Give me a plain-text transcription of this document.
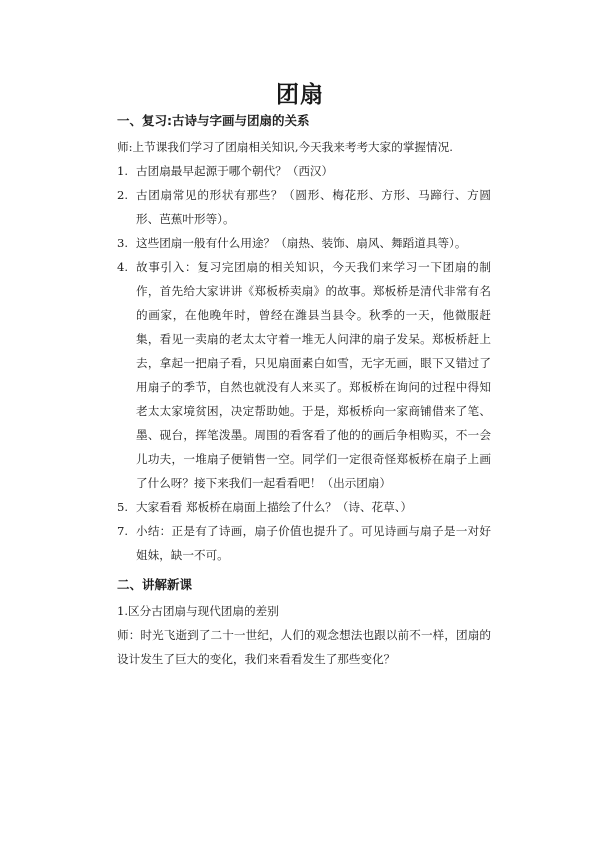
团扇
一、复习:古诗与字画与团扇的关系
师:上节课我们学习了团扇相关知识,今天我来考考大家的掌握情况.
1. 古团扇最早起源于哪个朝代？（西汉）
2. 古团扇常见的形状有那些？（圆形、梅花形、方形、马蹄行、方圆形、芭蕉叶形等）。
3. 这些团扇一般有什么用途？（扇热、装饰、扇风、舞蹈道具等）。
4. 故事引入：复习完团扇的相关知识，今天我们来学习一下团扇的制作，首先给大家讲讲《郑板桥卖扇》的故事。郑板桥是清代非常有名的画家，在他晚年时，曾经在潍县当县令。秋季的一天，他微服赶集，看见一卖扇的老太太守着一堆无人问津的扇子发呆。郑板桥赶上去，拿起一把扇子看，只见扇面素白如雪，无字无画，眼下又错过了用扇子的季节，自然也就没有人来买了。郑板桥在询问的过程中得知老太太家境贫困，决定帮助她。于是，郑板桥向一家商铺借来了笔、墨、砚台，挥笔泼墨。周围的看客看了他的的画后争相购买，不一会儿功夫，一堆扇子便销售一空。同学们一定很奇怪郑板桥在扇子上画了什么呀？接下来我们一起看看吧！（出示团扇）
5. 大家看看 郑板桥在扇面上描绘了什么？（诗、花草、）
7. 小结：正是有了诗画，扇子价值也提升了。可见诗画与扇子是一对好姐妹，缺一不可。
二、讲解新课
1.区分古团扇与现代团扇的差别
师：时光飞逝到了二十一世纪，人们的观念想法也跟以前不一样，团扇的设计发生了巨大的变化，我们来看看发生了那些变化？
